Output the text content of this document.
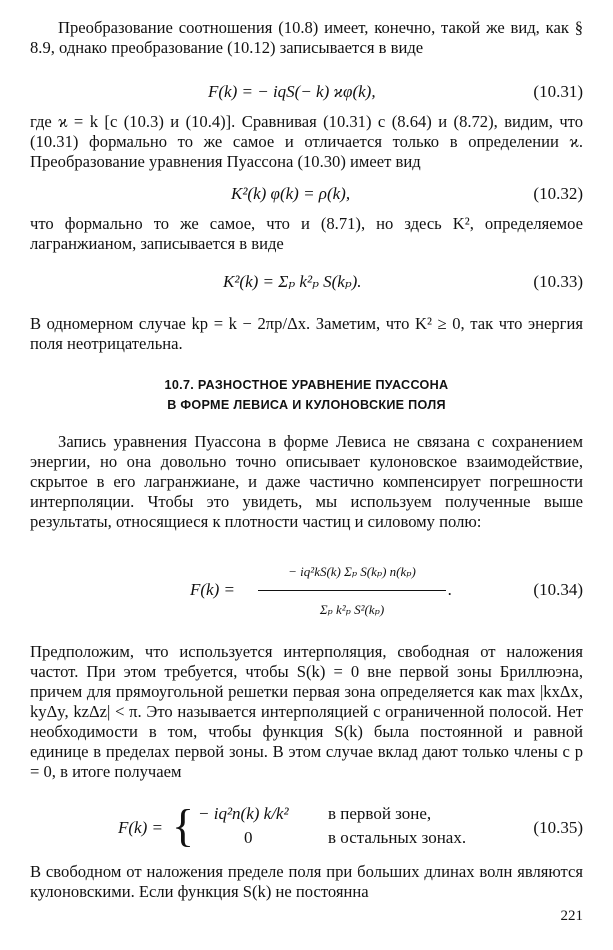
Преобразование соотношения (10.8) имеет, конечно, такой же вид, как § 8.9, однако преобразование (10.12) записывается в виде

F(k) = − iqS(− k) ϰφ(k),	(10.31)

где ϰ = k [с (10.3) и (10.4)]. Сравнивая (10.31) с (8.64) и (8.72), видим, что (10.31) формально то же самое и отличается только в определении ϰ. Преобразование уравнения Пуассона (10.30) имеет вид

K²(k) φ(k) = ρ(k),	(10.32)

что формально то же самое, что и (8.71), но здесь K², определяемое лагранжианом, записывается в виде

K²(k) = Σₚ k²ₚ S(kₚ).	(10.33)

В одномерном случае kp = k − 2πp/Δx. Заметим, что K² ≥ 0, так что энергия поля неотрицательна.

10.7. РАЗНОСТНОЕ УРАВНЕНИЕ ПУАССОНА

В ФОРМЕ ЛЕВИСА И КУЛОНОВСКИЕ ПОЛЯ

Запись уравнения Пуассона в форме Левиса не связана с сохранением энергии, но она довольно точно описывает кулоновское взаимодействие, скрытое в его лагранжиане, и даже частично компенсирует погрешности интерполяции. Чтобы это увидеть, мы используем полученные выше результаты, относящиеся к плотности частиц и силовому полю:

F(k) =
− iq²kS(k) Σₚ S(kₚ) n(kₚ)
Σₚ k²ₚ S²(kₚ)
.	(10.34)

Предположим, что используется интерполяция, свободная от наложения частот. При этом требуется, чтобы S(k) = 0 вне первой зоны Бриллюэна, причем для прямоугольной решетки первая зона определяется как max |kxΔx, kyΔy, kzΔz| < π. Это называется интерполяцией с ограниченной полосой. Нет необходимости в том, чтобы функция S(k) была постоянной и равной единице в пределах первой зоны. В этом случае вклад дают только члены с p = 0, в итоге получаем

F(k) = { − iq²n(k) k/k² в первой зоне,
0	в остальных зонах.
(10.35)

В свободном от наложения пределе поля при больших длинах волн являются кулоновскими. Если функция S(k) не постоянна

221
